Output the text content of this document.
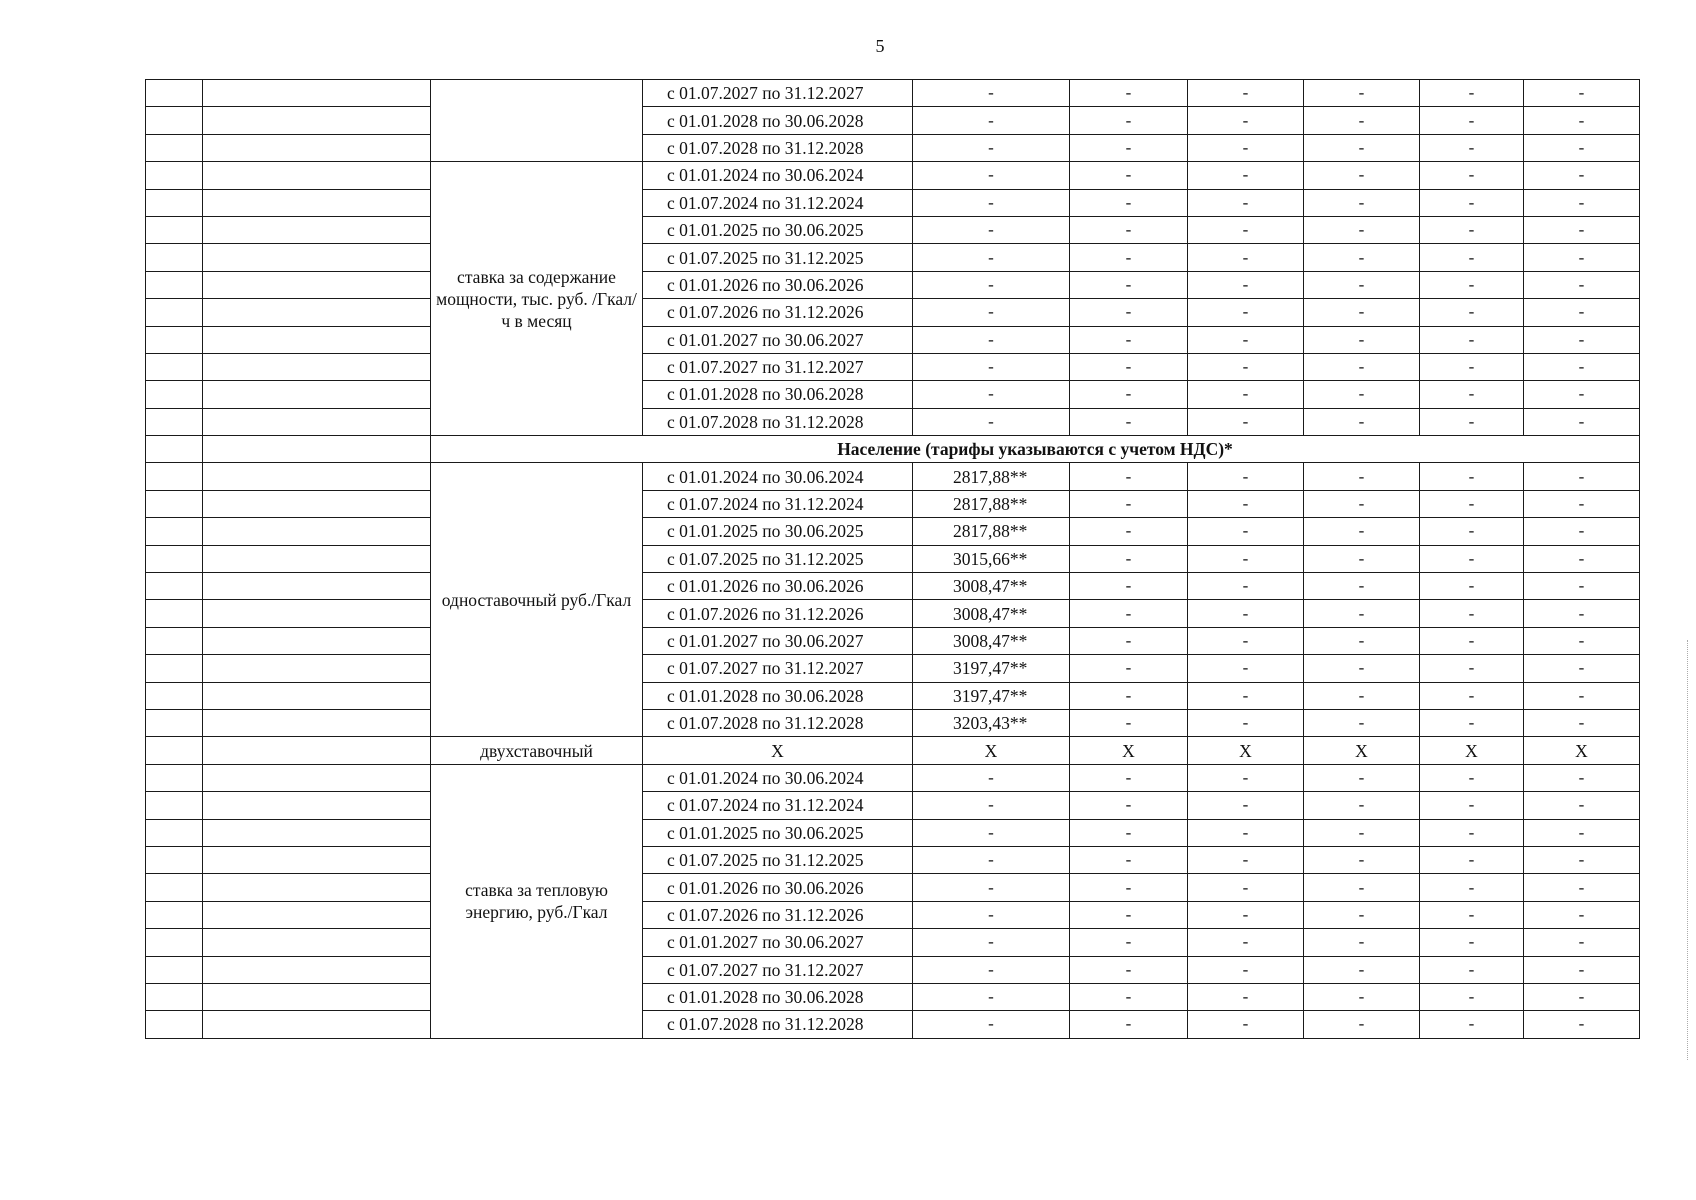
5
			с 01.07.2027 по 31.12.2027	-	-	-	-	-	-
			с 01.01.2028 по 30.06.2028	-	-	-	-	-	-
			с 01.07.2028 по 31.12.2028	-	-	-	-	-	-
		ставка за содержание мощности, тыс. руб. /Гкал/ч в месяц	с 01.01.2024 по 30.06.2024	-	-	-	-	-	-
			с 01.07.2024 по 31.12.2024	-	-	-	-	-	-
			с 01.01.2025 по 30.06.2025	-	-	-	-	-	-
			с 01.07.2025 по 31.12.2025	-	-	-	-	-	-
			с 01.01.2026 по 30.06.2026	-	-	-	-	-	-
			с 01.07.2026 по 31.12.2026	-	-	-	-	-	-
			с 01.01.2027 по 30.06.2027	-	-	-	-	-	-
			с 01.07.2027 по 31.12.2027	-	-	-	-	-	-
			с 01.01.2028 по 30.06.2028	-	-	-	-	-	-
			с 01.07.2028 по 31.12.2028	-	-	-	-	-	-
		Население (тарифы указываются с учетом НДС)*							
		одноставочный руб./Гкал	с 01.01.2024 по 30.06.2024	2817,88**	-	-	-	-	-
			с 01.07.2024 по 31.12.2024	2817,88**	-	-	-	-	-
			с 01.01.2025 по 30.06.2025	2817,88**	-	-	-	-	-
			с 01.07.2025 по 31.12.2025	3015,66**	-	-	-	-	-
			с 01.01.2026 по 30.06.2026	3008,47**	-	-	-	-	-
			с 01.07.2026 по 31.12.2026	3008,47**	-	-	-	-	-
			с 01.01.2027 по 30.06.2027	3008,47**	-	-	-	-	-
			с 01.07.2027 по 31.12.2027	3197,47**	-	-	-	-	-
			с 01.01.2028 по 30.06.2028	3197,47**	-	-	-	-	-
			с 01.07.2028 по 31.12.2028	3203,43**	-	-	-	-	-
		двухставочный	X	X	X	X	X	X	X
		ставка за тепловую энергию, руб./Гкал	с 01.01.2024 по 30.06.2024	-	-	-	-	-	-
			с 01.07.2024 по 31.12.2024	-	-	-	-	-	-
			с 01.01.2025 по 30.06.2025	-	-	-	-	-	-
			с 01.07.2025 по 31.12.2025	-	-	-	-	-	-
			с 01.01.2026 по 30.06.2026	-	-	-	-	-	-
			с 01.07.2026 по 31.12.2026	-	-	-	-	-	-
			с 01.01.2027 по 30.06.2027	-	-	-	-	-	-
			с 01.07.2027 по 31.12.2027	-	-	-	-	-	-
			с 01.01.2028 по 30.06.2028	-	-	-	-	-	-
			с 01.07.2028 по 31.12.2028	-	-	-	-	-	-
